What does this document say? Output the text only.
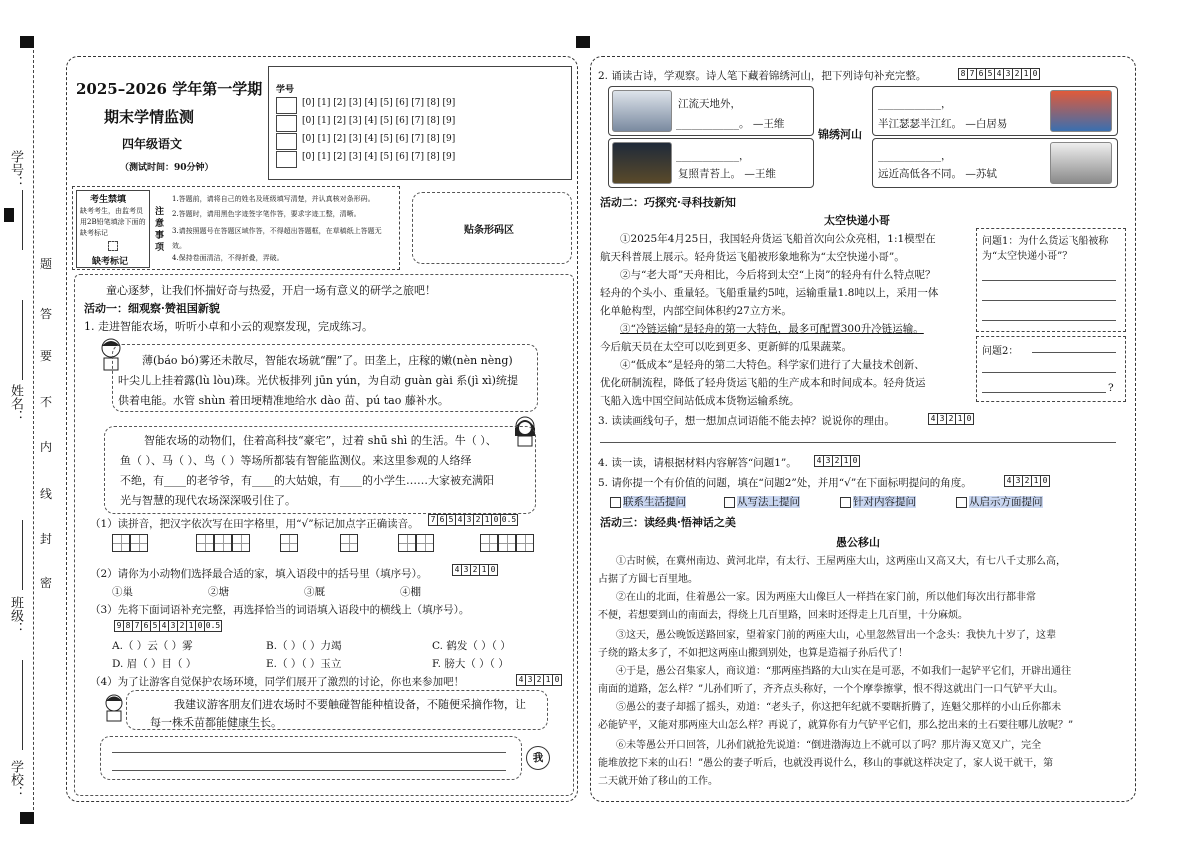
学号：
姓名：
班级：
学校：
题
答
要
不
内
线
封
密
2025–2026 学年第一学期
期末学情监测
四年级语文
（测试时间：90分钟）
学号
[0] [1] [2] [3] [4] [5] [6] [7] [8] [9]
[0] [1] [2] [3] [4] [5] [6] [7] [8] [9]
[0] [1] [2] [3] [4] [5] [6] [7] [8] [9]
[0] [1] [2] [3] [4] [5] [6] [7] [8] [9]
考生禁填
缺考考生，由监考员用2B铅笔填涂下面的缺考标记
缺考标记
注意事项
1.答题前，请将自己的姓名及班级填写清楚，并认真核对条形码。
2.答题时，请用黑色字迹签字笔作答，要求字迹工整，清晰。
3.请按照题号在答题区域作答，不得超出答题框，在草稿纸上答题无效。
4.保持卷面清洁，不得折叠，弄破。
贴条形码区
童心逐梦，让我们怀揣好奇与热爱，开启一场有意义的研学之旅吧！
活动一：细观察·赞祖国新貌
1. 走进智能农场，听听小卓和小云的观察发现，完成练习。
薄(báo bó)雾还未散尽，智能农场就“醒”了。田垄上，庄稼的嫩(nèn nèng)
叶尖儿上挂着露(lù lòu)珠。光伏板排列 jūn yún，为自动 guàn gài 系(jì xì)统提
供着电能。水管 shùn 着田埂精准地给水 dào 苗、pú tao 藤补水。
智能农场的动物们，住着高科技“豪宅”，过着 shū shì 的生活。牛（ ）、
鱼（ ）、马（ ）、鸟（ ）等场所都装有智能监测仪。来这里参观的人络绎
不绝，有____的老爷爷，有____的大姑娘，有____的小学生……大家被充满阳
光与智慧的现代农场深深吸引住了。
（1）读拼音，把汉字依次写在田字格里，用“√”标记加点字正确读音。 7 6 5 4 3 2 1 0 0.5
（2）请你为小动物们选择最合适的家，填入语段中的括号里（填序号）。	4 3 2 1 0
①巢	②塘	③厩	④棚
（3）先将下面词语补充完整，再选择恰当的词语填入语段中的横线上（填序号）。
9 8 7 6 5 4 3 2 1 0 0.5
A.（ ）云（ ）雾	B.（ ）（ ）力竭	C. 鹤发（ ）（ ）
D. 眉（ ）目（ ）	E.（ ）（ ）玉立	F. 膀大（ ）（ ）
（4）为了让游客自觉保护农场环境，同学们展开了激烈的讨论，你也来参加吧！	4 3 2 1 0
我建议游客朋友们进农场时不要触碰智能种植设备，不随便采摘作物，让
每一株禾苗都能健康生长。
我
2. 诵读古诗，学观察。诗人笔下藏着锦绣河山，把下列诗句补充完整。	8 7 6 5 4 3 2 1 0
江流天地外，
____________。 —王维
____________，
半江瑟瑟半江红。 —白居易
____________，
复照青苔上。 —王维
____________，
远近高低各不同。 —苏轼
锦绣河山
活动二：巧探究·寻科技新知
太空快递小哥
①2025年4月25日，我国轻舟货运飞船首次向公众亮相，1:1模型在
航天科普展上展示。轻舟货运飞船被形象地称为“太空快递小哥”。
②与“老大哥”天舟相比，今后将到太空“上岗”的轻舟有什么特点呢？
轻舟的个头小、重量轻。飞船重量约5吨，运输重量1.8吨以上，采用一体
化单舱构型，内部空间体积约27立方米。
③“冷链运输”是轻舟的第一大特色，最多可配置300升冷链运输。
今后航天员在太空可以吃到更多、更新鲜的瓜果蔬菜。
④“低成本”是轻舟的第二大特色。科学家们进行了大量技术创新、
优化研制流程，降低了轻舟货运飞船的生产成本和时间成本。轻舟货运
飞船入选中国空间站低成本货物运输系统。
问题1：为什么货运飞船被称为“太空快递小哥”？
问题2：
?
3. 读读画线句子，想一想加点词语能不能去掉？说说你的理由。	4 3 2 1 0
4. 读一读，请根据材料内容解答“问题1”。 4 3 2 1 0
5. 请你提一个有价值的问题，填在“问题2”处，并用“√”在下面标明提问的角度。	4 3 2 1 0
联系生活提问	从写法上提问	针对内容提问	从启示方面提问
活动三：读经典·悟神话之美
愚公移山
①古时候，在冀州南边、黄河北岸，有太行、王屋两座大山，这两座山又高又大，有七八千丈那么高，
占据了方圆七百里地。
②在山的北面，住着愚公一家。因为两座大山像巨人一样挡在家门前，所以他们每次出行都非常
不便，若想要到山的南面去，得绕上几百里路，回来时还得走上几百里，十分麻烦。
③这天，愚公晚饭送路回家，望着家门前的两座大山，心里忽然冒出一个念头：我快九十岁了，这辈
子绕的路太多了，不如把这两座山搬到别处，也算是造福子孙后代了！
④于是，愚公召集家人，商议道：“那两座挡路的大山实在是可恶，不如我们一起铲平它们，开辟出通往
南面的道路，怎么样？”儿孙们听了，齐齐点头称好，一个个摩拳擦掌，恨不得这就出门一口气铲平大山。
⑤愚公的妻子却摇了摇头，劝道：“老头子，你这把年纪就不要瞎折腾了，连魁父那样的小山丘你都未
必能铲平，又能对那两座大山怎么样？再说了，就算你有力气铲平它们，那么挖出来的土石要往哪儿放呢？”
⑥未等愚公开口回答，儿孙们就抢先说道：“倒进渤海边上不就可以了吗？那片海又宽又广，完全
能堆放挖下来的山石！”愚公的妻子听后，也就没再说什么，移山的事就这样决定了，家人说干就干，第
二天就开始了移山的工作。
